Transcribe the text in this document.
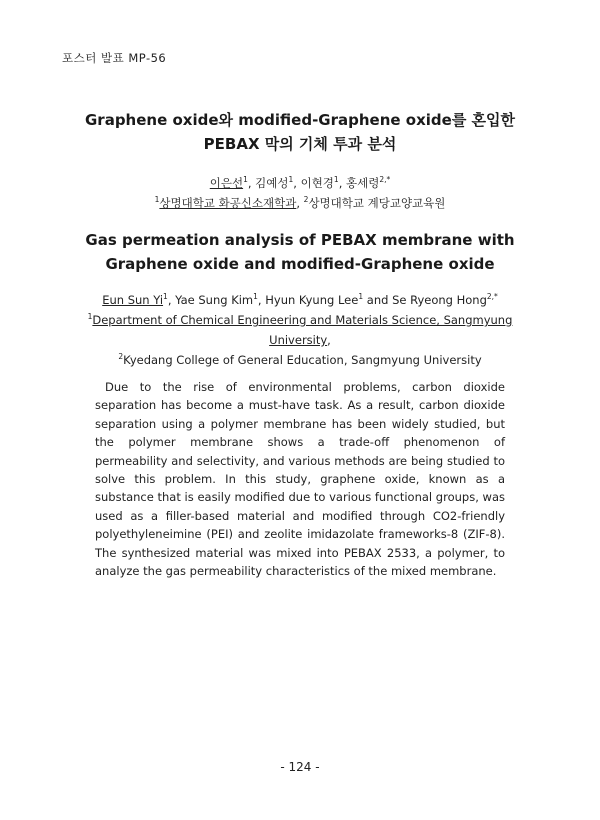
포스터 발표 MP-56
Graphene oxide와 modified-Graphene oxide를 혼입한
PEBAX 막의 기체 투과 분석
이은선$^1$, 김예성$^1$, 이현경$^1$, 홍세령$^{2,*}$
$^1$상명대학교 화공신소재학과, $^2$상명대학교 계당교양교육원
Gas permeation analysis of PEBAX membrane with
Graphene oxide and modified-Graphene oxide
Eun Sun Yi$^1$, Yae Sung Kim$^1$, Hyun Kyung Lee$^1$ and Se Ryeong Hong$^{2,*}$
$^1$Department of Chemical Engineering and Materials Science, Sangmyung
University,
$^2$Kyedang College of General Education, Sangmyung University
Due to the rise of environmental problems, carbon dioxide separation has become a must-have task. As a result, carbon dioxide separation using a polymer membrane has been widely studied, but the polymer membrane shows a trade-off phenomenon of permeability and selectivity, and various methods are being studied to solve this problem. In this study, graphene oxide, known as a substance that is easily modified due to various functional groups, was used as a filler-based material and modified through CO2-friendly polyethyleneimine (PEI) and zeolite imidazolate frameworks-8 (ZIF-8). The synthesized material was mixed into PEBAX 2533, a polymer, to analyze the gas permeability characteristics of the mixed membrane.
- 124 -
